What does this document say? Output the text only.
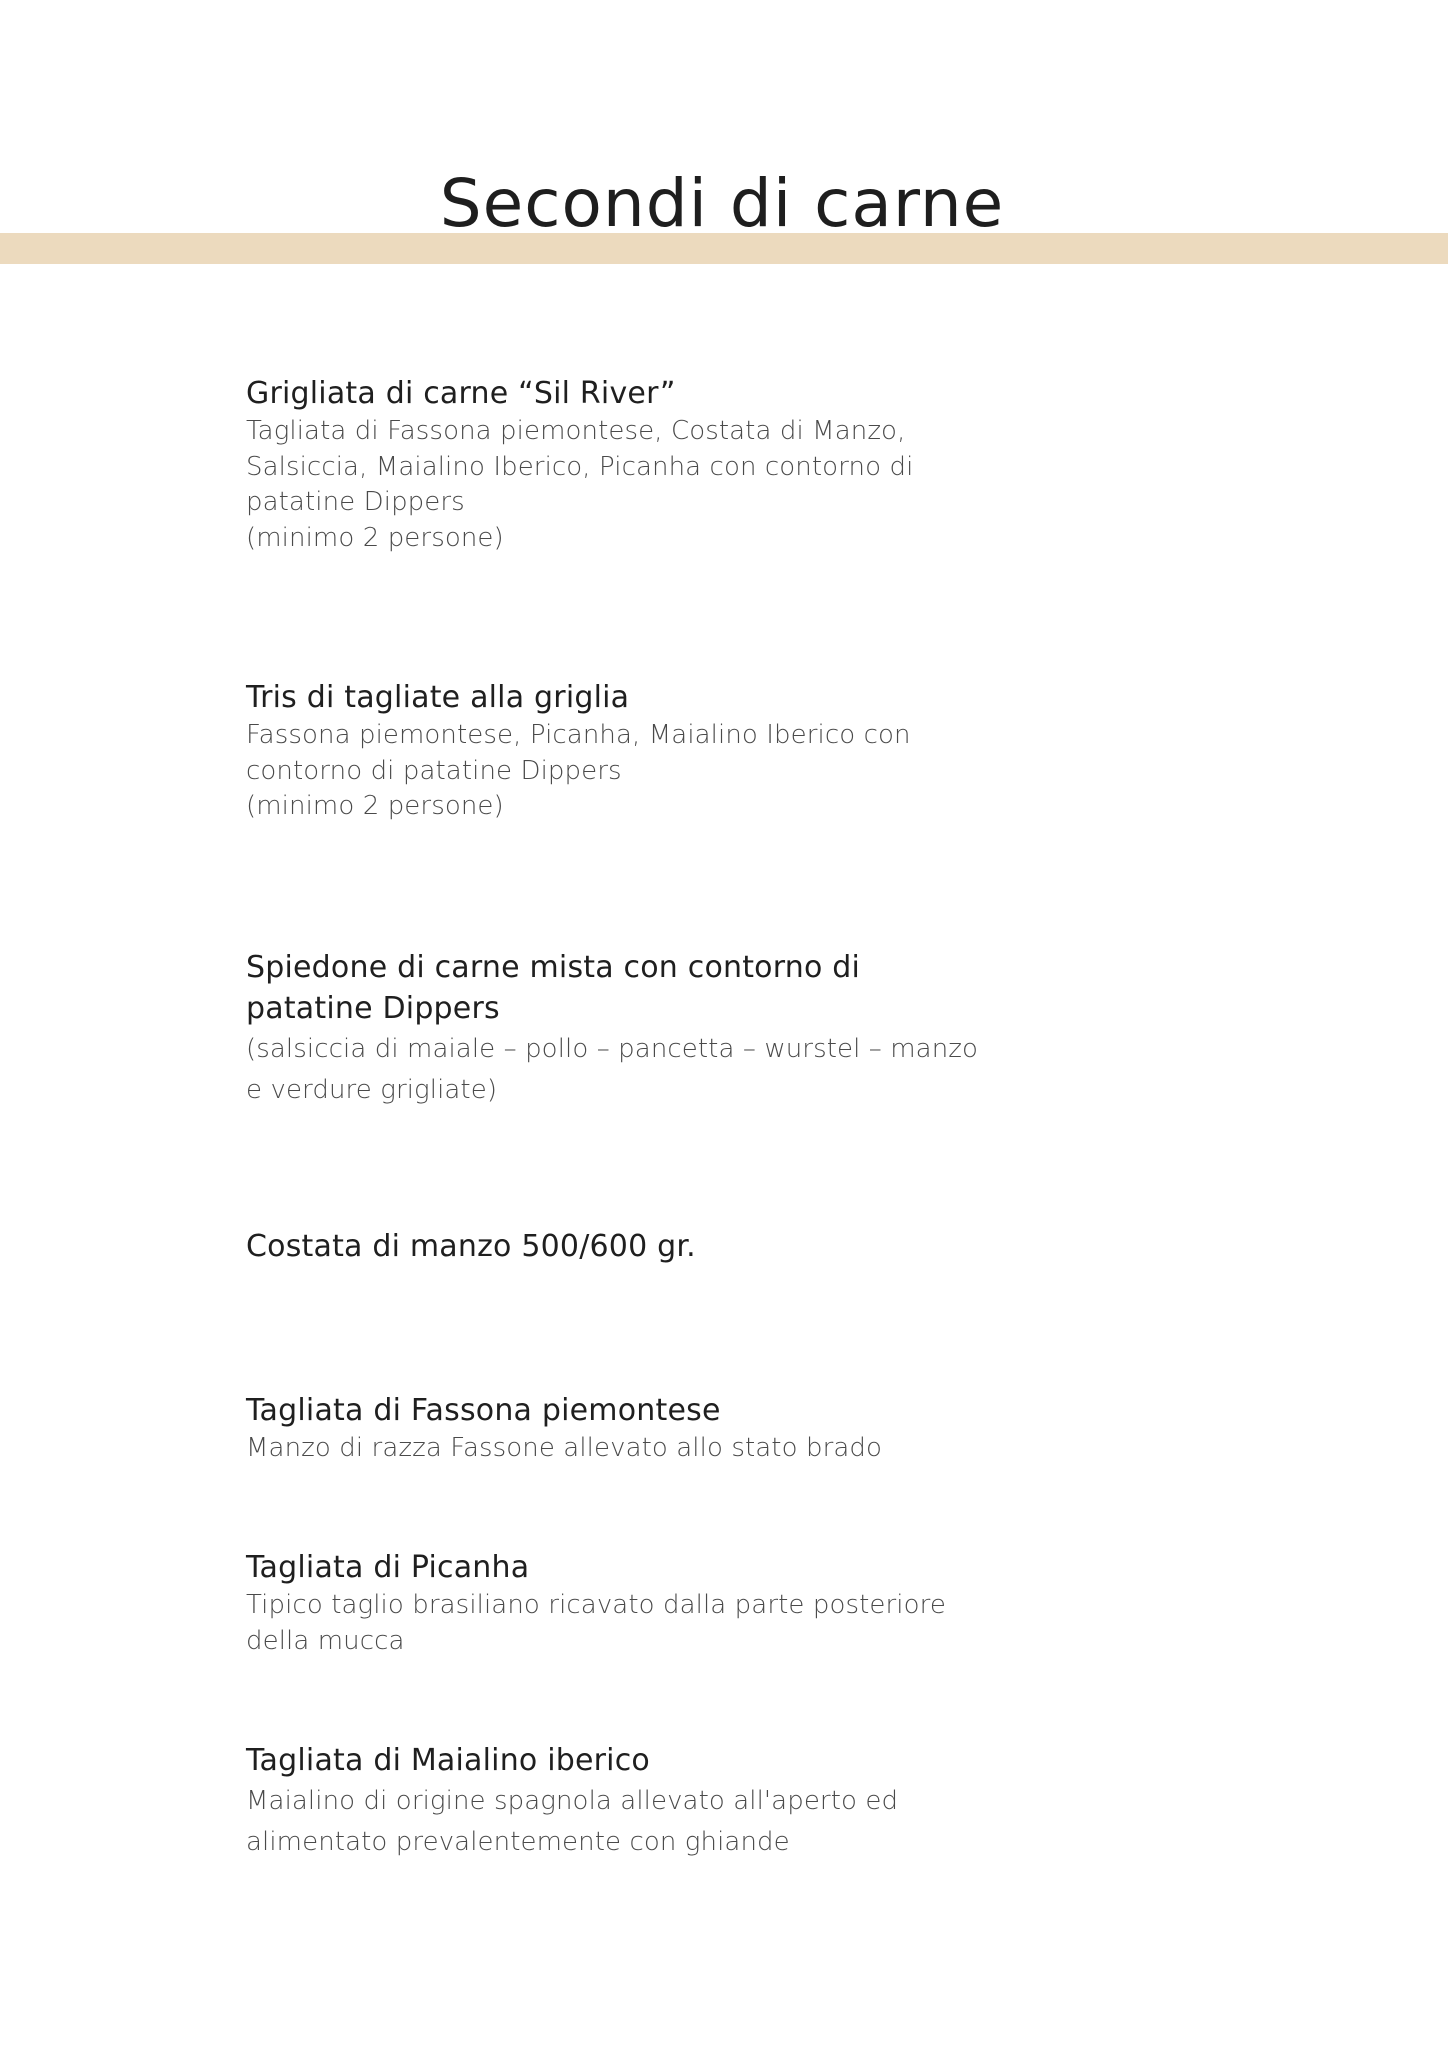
Secondi di carne

Grigliata di carne “Sil River”

Tagliata di Fassona piemontese, Costata di Manzo,
Salsiccia, Maialino Iberico, Picanha con contorno di
patatine Dippers
(minimo 2 persone)

Tris di tagliate alla griglia

Fassona piemontese, Picanha, Maialino Iberico con
contorno di patatine Dippers
(minimo 2 persone)

Spiedone di carne mista con contorno di
patatine Dippers

(salsiccia di maiale – pollo – pancetta – wurstel – manzo
e verdure grigliate)

Costata di manzo 500/600 gr.

Tagliata di Fassona piemontese

Manzo di razza Fassone allevato allo stato brado

Tagliata di Picanha

Tipico taglio brasiliano ricavato dalla parte posteriore
della mucca

Tagliata di Maialino iberico

Maialino di origine spagnola allevato all'aperto ed
alimentato prevalentemente con ghiande
